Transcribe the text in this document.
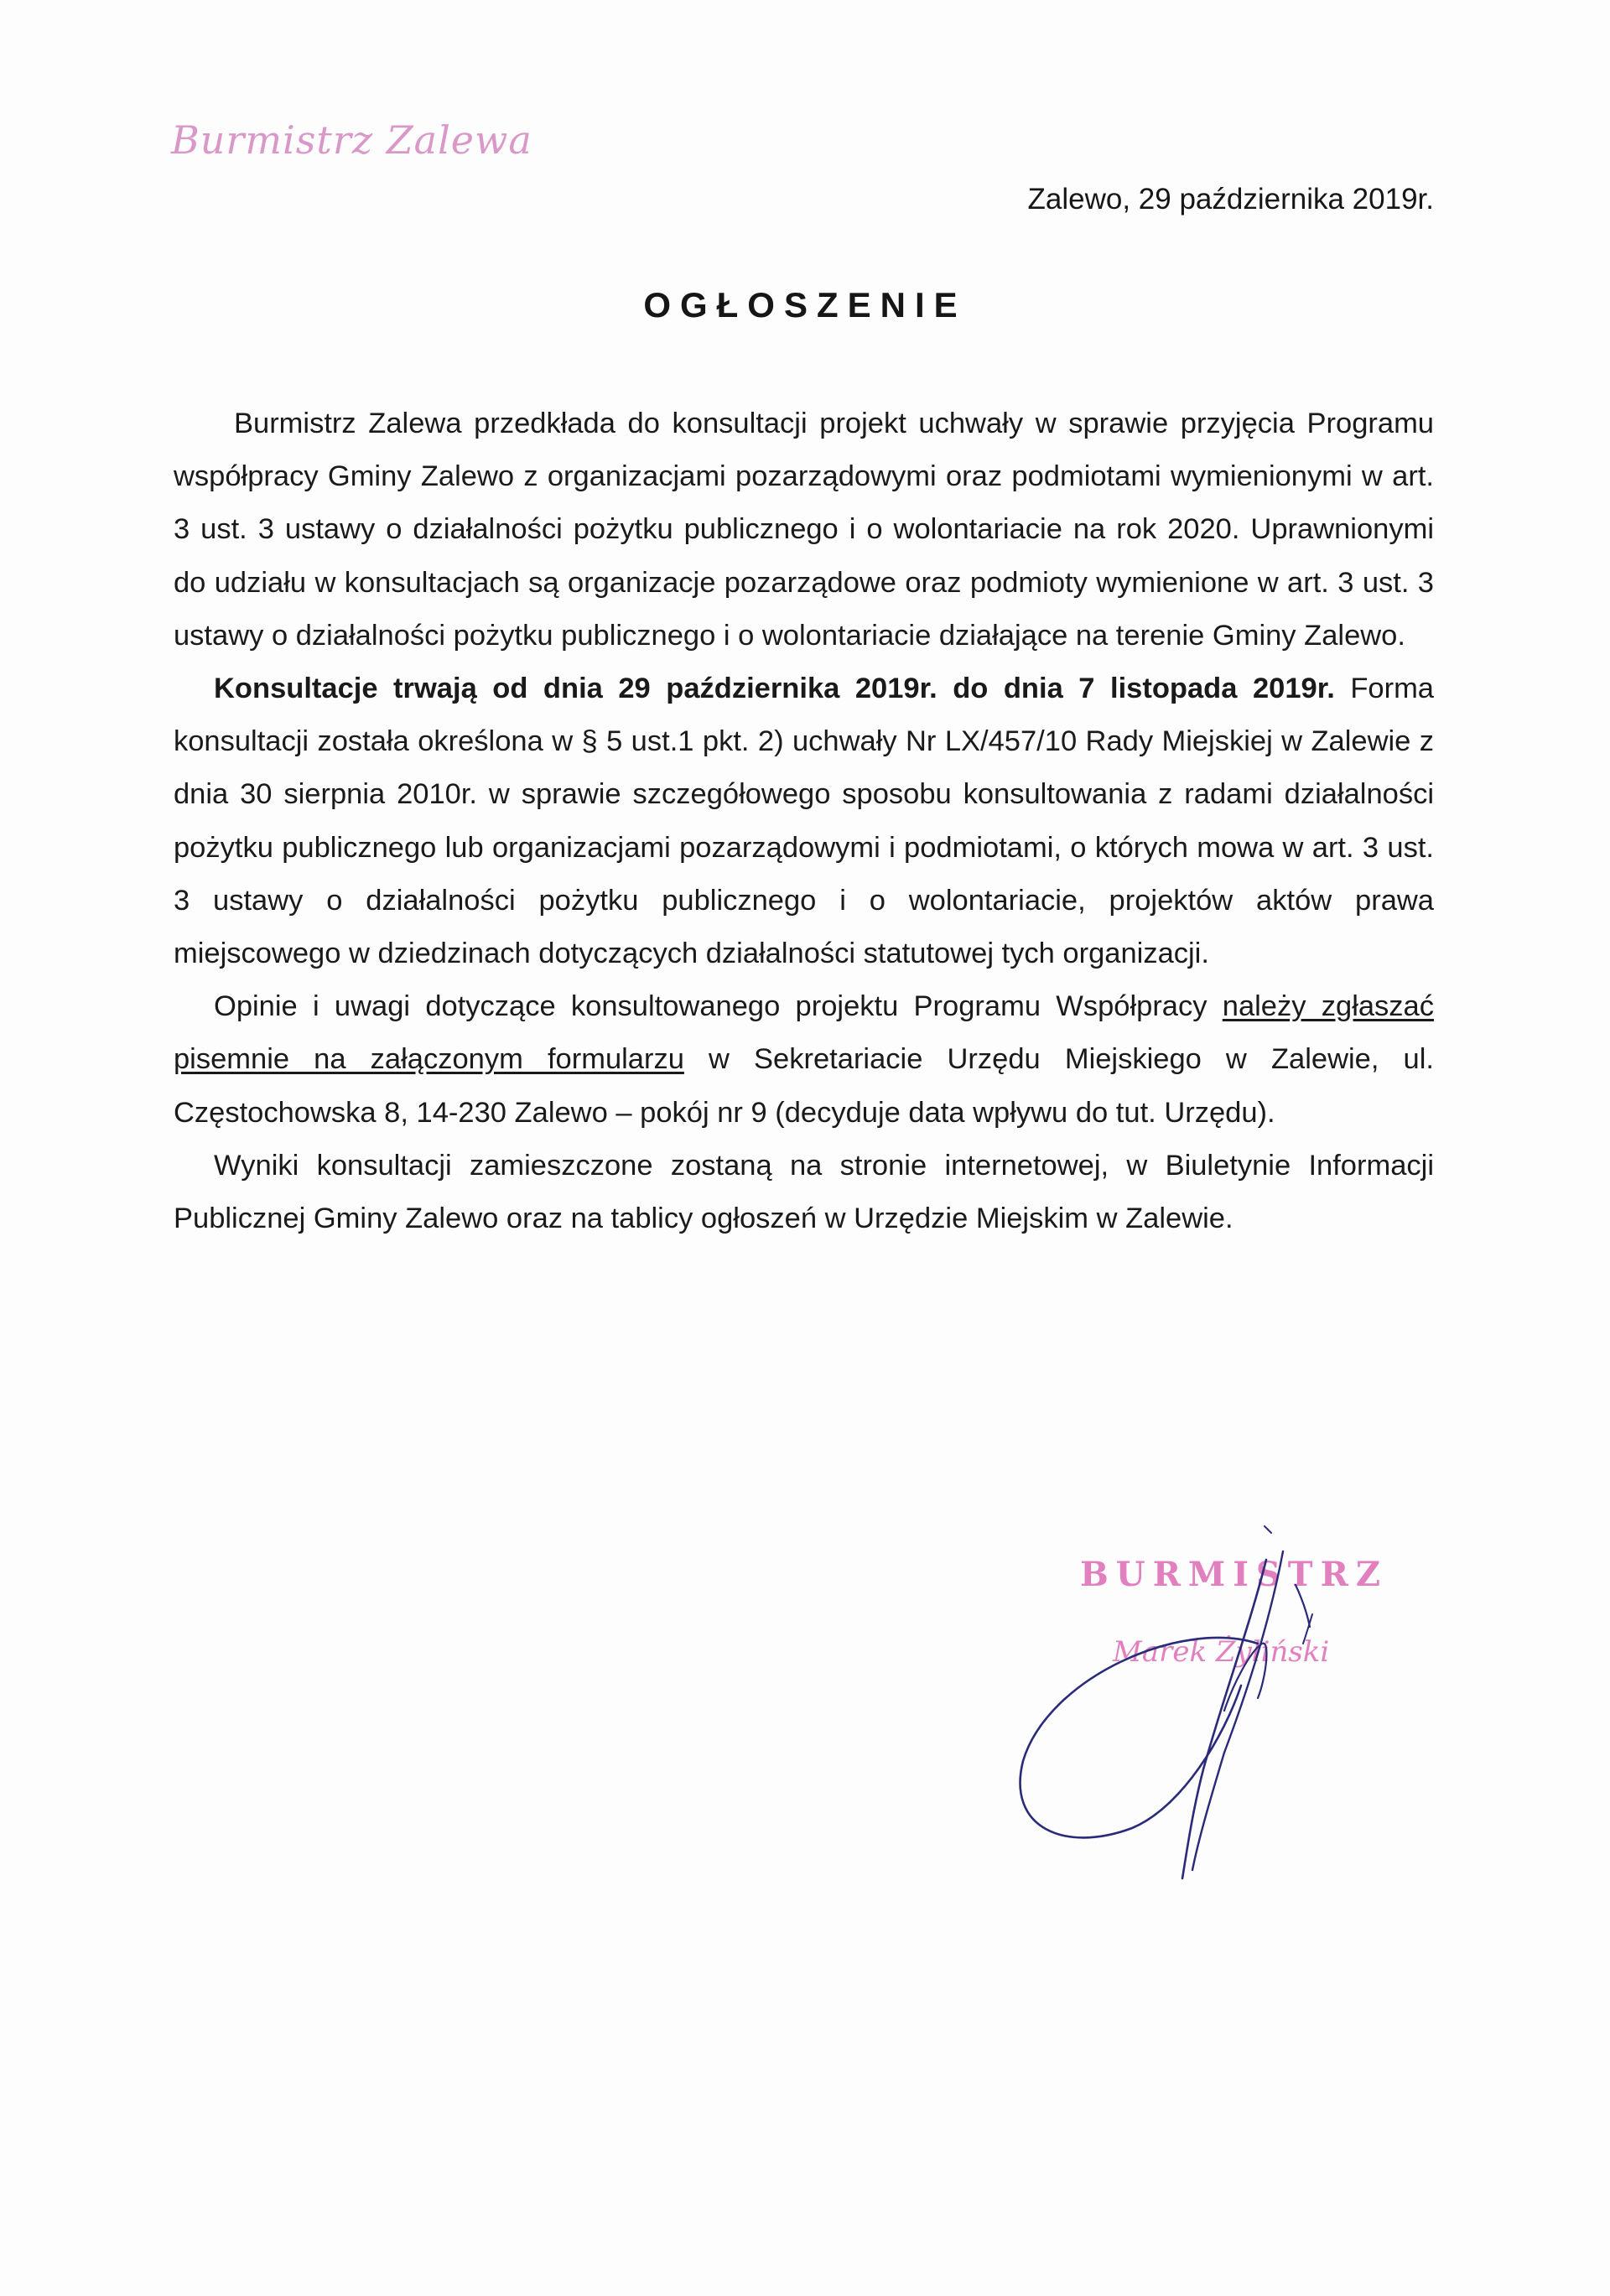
Burmistrz Zalewa
Zalewo, 29 października 2019r.
OGŁOSZENIE

Burmistrz Zalewa przedkłada do konsultacji projekt uchwały w sprawie przyjęcia Programu współpracy Gminy Zalewo z organizacjami pozarządowymi oraz podmiotami wymienionymi w art. 3 ust. 3 ustawy o działalności pożytku publicznego i o wolontariacie na rok 2020. Uprawnionymi do udziału w konsultacjach są organizacje pozarządowe oraz podmioty wymienione w art. 3 ust. 3 ustawy o działalności pożytku publicznego i o wolontariacie działające na terenie Gminy Zalewo.

Konsultacje trwają od dnia 29 października 2019r. do dnia 7 listopada 2019r. Forma konsultacji została określona w § 5 ust.1 pkt. 2) uchwały Nr LX/457/10 Rady Miejskiej w Zalewie z dnia 30 sierpnia 2010r. w sprawie szczegółowego sposobu konsultowania z radami działalności pożytku publicznego lub organizacjami pozarządowymi i podmiotami, o których mowa w art. 3 ust. 3 ustawy o działalności pożytku publicznego i o wolontariacie, projektów aktów prawa miejscowego w dziedzinach dotyczących działalności statutowej tych organizacji.

Opinie i uwagi dotyczące konsultowanego projektu Programu Współpracy należy zgłaszać pisemnie na załączonym formularzu w Sekretariacie Urzędu Miejskiego w Zalewie, ul. Częstochowska 8, 14-230 Zalewo – pokój nr 9 (decyduje data wpływu do tut. Urzędu).

Wyniki konsultacji zamieszczone zostaną na stronie internetowej, w Biuletynie Informacji Publicznej Gminy Zalewo oraz na tablicy ogłoszeń w Urzędzie Miejskim w Zalewie.

BURMISTRZ
Marek Żyliński
